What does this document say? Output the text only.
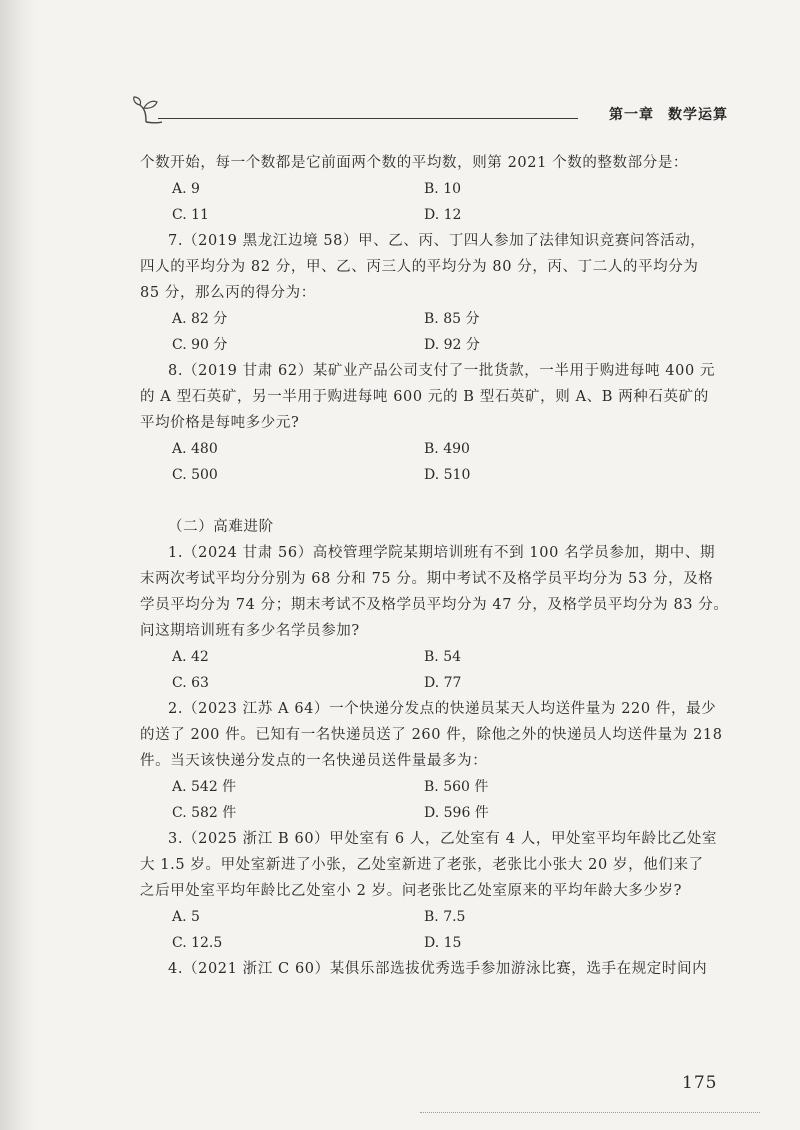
第一章 数学运算
个数开始，每一个数都是它前面两个数的平均数，则第 2021 个数的整数部分是：
A. 9	B. 10
C. 11	D. 12
7.（2019 黑龙江边境 58）甲、乙、丙、丁四人参加了法律知识竞赛问答活动，
四人的平均分为 82 分，甲、乙、丙三人的平均分为 80 分，丙、丁二人的平均分为
85 分，那么丙的得分为：
A. 82 分	B. 85 分
C. 90 分	D. 92 分
8.（2019 甘肃 62）某矿业产品公司支付了一批货款，一半用于购进每吨 400 元
的 A 型石英矿，另一半用于购进每吨 600 元的 B 型石英矿，则 A、B 两种石英矿的
平均价格是每吨多少元?
A. 480	B. 490
C. 500	D. 510
（二）高难进阶
1.（2024 甘肃 56）高校管理学院某期培训班有不到 100 名学员参加，期中、期
末两次考试平均分分别为 68 分和 75 分。期中考试不及格学员平均分为 53 分，及格
学员平均分为 74 分；期末考试不及格学员平均分为 47 分，及格学员平均分为 83 分。
问这期培训班有多少名学员参加?
A. 42	B. 54
C. 63	D. 77
2.（2023 江苏 A 64）一个快递分发点的快递员某天人均送件量为 220 件，最少
的送了 200 件。已知有一名快递员送了 260 件，除他之外的快递员人均送件量为 218
件。当天该快递分发点的一名快递员送件量最多为：
A. 542 件	B. 560 件
C. 582 件	D. 596 件
3.（2025 浙江 B 60）甲处室有 6 人，乙处室有 4 人，甲处室平均年龄比乙处室
大 1.5 岁。甲处室新进了小张，乙处室新进了老张，老张比小张大 20 岁，他们来了
之后甲处室平均年龄比乙处室小 2 岁。问老张比乙处室原来的平均年龄大多少岁?
A. 5	B. 7.5
C. 12.5	D. 15
4.（2021 浙江 C 60）某俱乐部选拔优秀选手参加游泳比赛，选手在规定时间内
175
